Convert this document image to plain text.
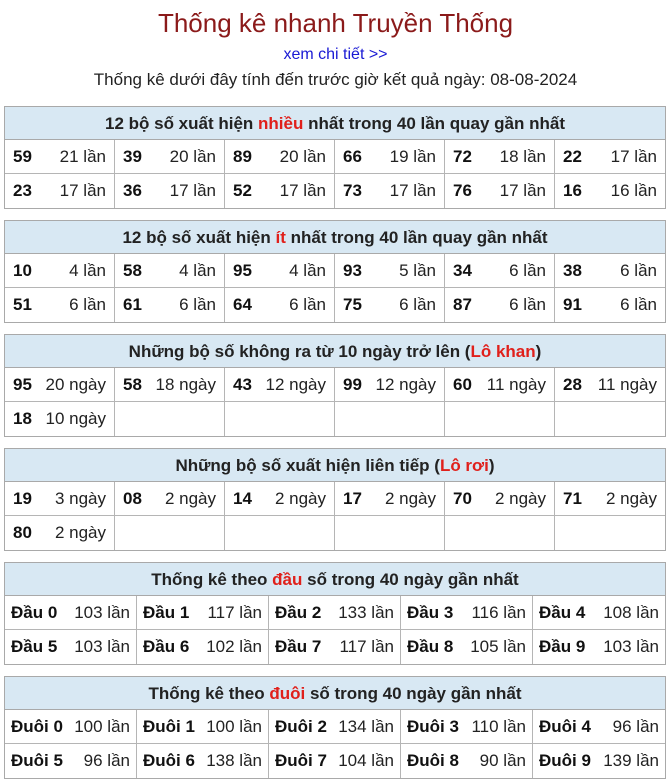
Thống kê nhanh Truyền Thống
xem chi tiết >>
Thống kê dưới đây tính đến trước giờ kết quả ngày: 08-08-2024
12 bộ số xuất hiện nhiều nhất trong 40 lần quay gần nhất
59 21 lần 39 20 lần 89 20 lần 66 19 lần 72 18 lần 22 17 lần
23 17 lần 36 17 lần 52 17 lần 73 17 lần 76 17 lần 16 16 lần
12 bộ số xuất hiện ít nhất trong 40 lần quay gần nhất
10 4 lần 58 4 lần 95 4 lần 93 5 lần 34 6 lần 38 6 lần
51 6 lần 61 6 lần 64 6 lần 75 6 lần 87 6 lần 91 6 lần
Những bộ số không ra từ 10 ngày trở lên (Lô khan)
95 20 ngày 58 18 ngày 43 12 ngày 99 12 ngày 60 11 ngày 28 11 ngày
18 10 ngày
Những bộ số xuất hiện liên tiếp (Lô rơi)
19 3 ngày 08 2 ngày 14 2 ngày 17 2 ngày 70 2 ngày 71 2 ngày
80 2 ngày
Thống kê theo đầu số trong 40 ngày gần nhất
Đầu 0 103 lần Đầu 1 117 lần Đầu 2 133 lần Đầu 3 116 lần Đầu 4 108 lần
Đầu 5 103 lần Đầu 6 102 lần Đầu 7 117 lần Đầu 8 105 lần Đầu 9 103 lần
Thống kê theo đuôi số trong 40 ngày gần nhất
Đuôi 0 100 lần Đuôi 1 100 lần Đuôi 2 134 lần Đuôi 3 110 lần Đuôi 4 96 lần
Đuôi 5 96 lần Đuôi 6 138 lần Đuôi 7 104 lần Đuôi 8 90 lần Đuôi 9 139 lần
